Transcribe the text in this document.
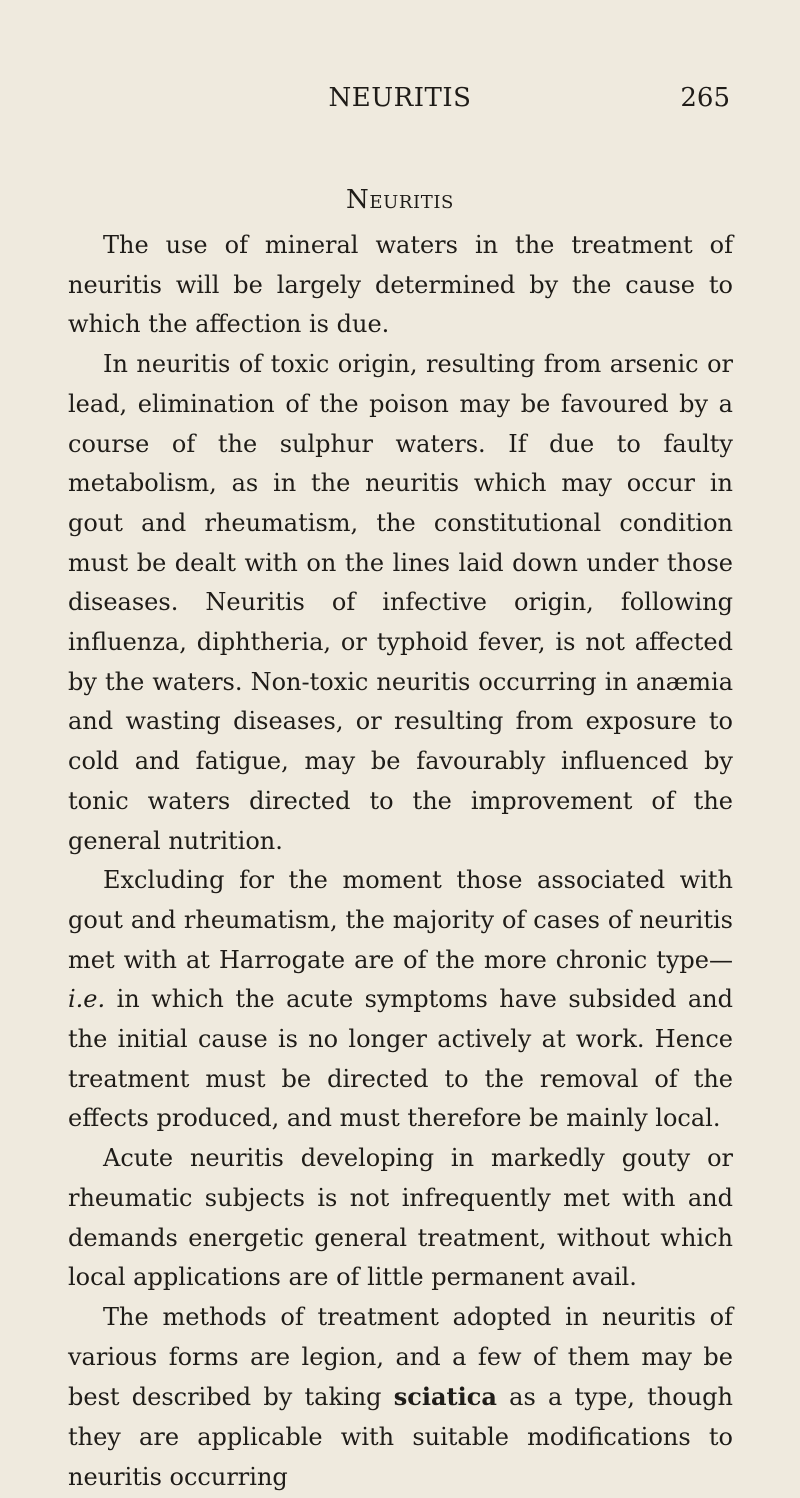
NEURITIS	265
Neuritis

The use of mineral waters in the treatment of neuritis will be largely determined by the cause to which the affection is due.

In neuritis of toxic origin, resulting from arsenic or lead, elimination of the poison may be favoured by a course of the sulphur waters. If due to faulty metabolism, as in the neuritis which may occur in gout and rheumatism, the constitutional condition must be dealt with on the lines laid down under those diseases. Neuritis of infective origin, following influenza, diphtheria, or typhoid fever, is not affected by the waters. Non-toxic neuritis occurring in anæmia and wasting diseases, or resulting from exposure to cold and fatigue, may be favourably influenced by tonic waters directed to the improvement of the general nutrition.

Excluding for the moment those associated with gout and rheumatism, the majority of cases of neuritis met with at Harrogate are of the more chronic type—i.e. in which the acute symptoms have subsided and the initial cause is no longer actively at work. Hence treatment must be directed to the removal of the effects produced, and must therefore be mainly local.

Acute neuritis developing in markedly gouty or rheumatic subjects is not infrequently met with and demands energetic general treatment, without which local applications are of little permanent avail.

The methods of treatment adopted in neuritis of various forms are legion, and a few of them may be best described by taking sciatica as a type, though they are applicable with suitable modifications to neuritis occurring
